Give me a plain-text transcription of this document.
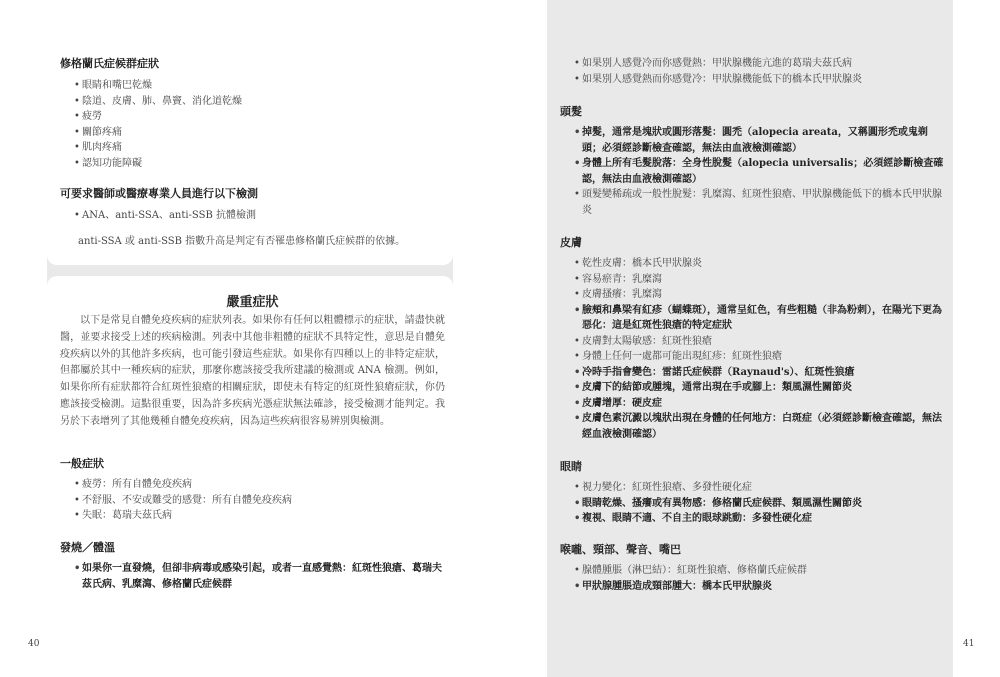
修格蘭氏症候群症狀
• 眼睛和嘴巴乾燥
• 陰道、皮膚、肺、鼻竇、消化道乾燥
• 疲勞
• 關節疼痛
• 肌肉疼痛
• 認知功能障礙
可要求醫師或醫療專業人員進行以下檢測
• ANA、anti-SSA、anti-SSB 抗體檢測

anti-SSA 或 anti-SSB 指數升高是判定有否罹患修格蘭氏症候群的依據。

嚴重症狀

以下是常見自體免疫疾病的症狀列表。如果你有任何以粗體標示的症狀，請盡快就醫，並要求接受上述的疾病檢測。列表中其他非粗體的症狀不具特定性，意思是自體免疫疾病以外的其他許多疾病，也可能引發這些症狀。如果你有四種以上的非特定症狀，但都屬於其中一種疾病的症狀，那麼你應該接受我所建議的檢測或 ANA 檢測。例如，如果你所有症狀都符合紅斑性狼瘡的相關症狀，即使未有特定的紅斑性狼瘡症狀，你仍應該接受檢測。這點很重要，因為許多疾病光憑症狀無法確診，接受檢測才能判定。我另於下表增列了其他幾種自體免疫疾病，因為這些疾病很容易辨別與檢測。

一般症狀
• 疲勞：所有自體免疫疾病
• 不舒服、不安或難受的感覺：所有自體免疫疾病
• 失眠：葛瑞夫茲氏病
發燒／體溫
• 如果你一直發燒，但卻非病毒或感染引起，或者一直感覺熱：紅斑性狼瘡、葛瑞夫茲氏病、乳糜瀉、修格蘭氏症候群
40
• 如果別人感覺冷而你感覺熱：甲狀腺機能亢進的葛瑞夫茲氏病
• 如果別人感覺熱而你感覺冷：甲狀腺機能低下的橋本氏甲狀腺炎
頭髮
• 掉髮，通常是塊狀或圓形落髮：圓禿（alopecia areata，又稱圓形禿或鬼剃頭；必須經診斷檢查確認，無法由血液檢測確認）
• 身體上所有毛髮脫落：全身性脫髮（alopecia universalis；必須經診斷檢查確認，無法由血液檢測確認）
• 頭髮變稀疏或一般性脫髮：乳糜瀉、紅斑性狼瘡、甲狀腺機能低下的橋本氏甲狀腺炎
皮膚
• 乾性皮膚：橋本氏甲狀腺炎
• 容易瘀青：乳糜瀉
• 皮膚搔癢：乳糜瀉
• 臉頰和鼻梁有紅疹（蝴蝶斑），通常呈紅色，有些粗糙（非為粉刺），在陽光下更為惡化：這是紅斑性狼瘡的特定症狀
• 皮膚對太陽敏感：紅斑性狼瘡
• 身體上任何一處都可能出現紅疹：紅斑性狼瘡
• 冷時手指會變色：雷諾氏症候群（Raynaud's）、紅斑性狼瘡
• 皮膚下的結節或腫塊，通常出現在手或腳上：類風濕性關節炎
• 皮膚增厚：硬皮症
• 皮膚色素沉澱以塊狀出現在身體的任何地方：白斑症（必須經診斷檢查確認，無法經血液檢測確認）
眼睛
• 視力變化：紅斑性狼瘡、多發性硬化症
• 眼睛乾燥、搔癢或有異物感：修格蘭氏症候群、類風濕性關節炎
• 複視、眼睛不適、不自主的眼球跳動：多發性硬化症
喉嚨、頸部、聲音、嘴巴
• 腺體腫脹（淋巴結）：紅斑性狼瘡、修格蘭氏症候群
• 甲狀腺腫脹造成頸部腫大：橋本氏甲狀腺炎
41
